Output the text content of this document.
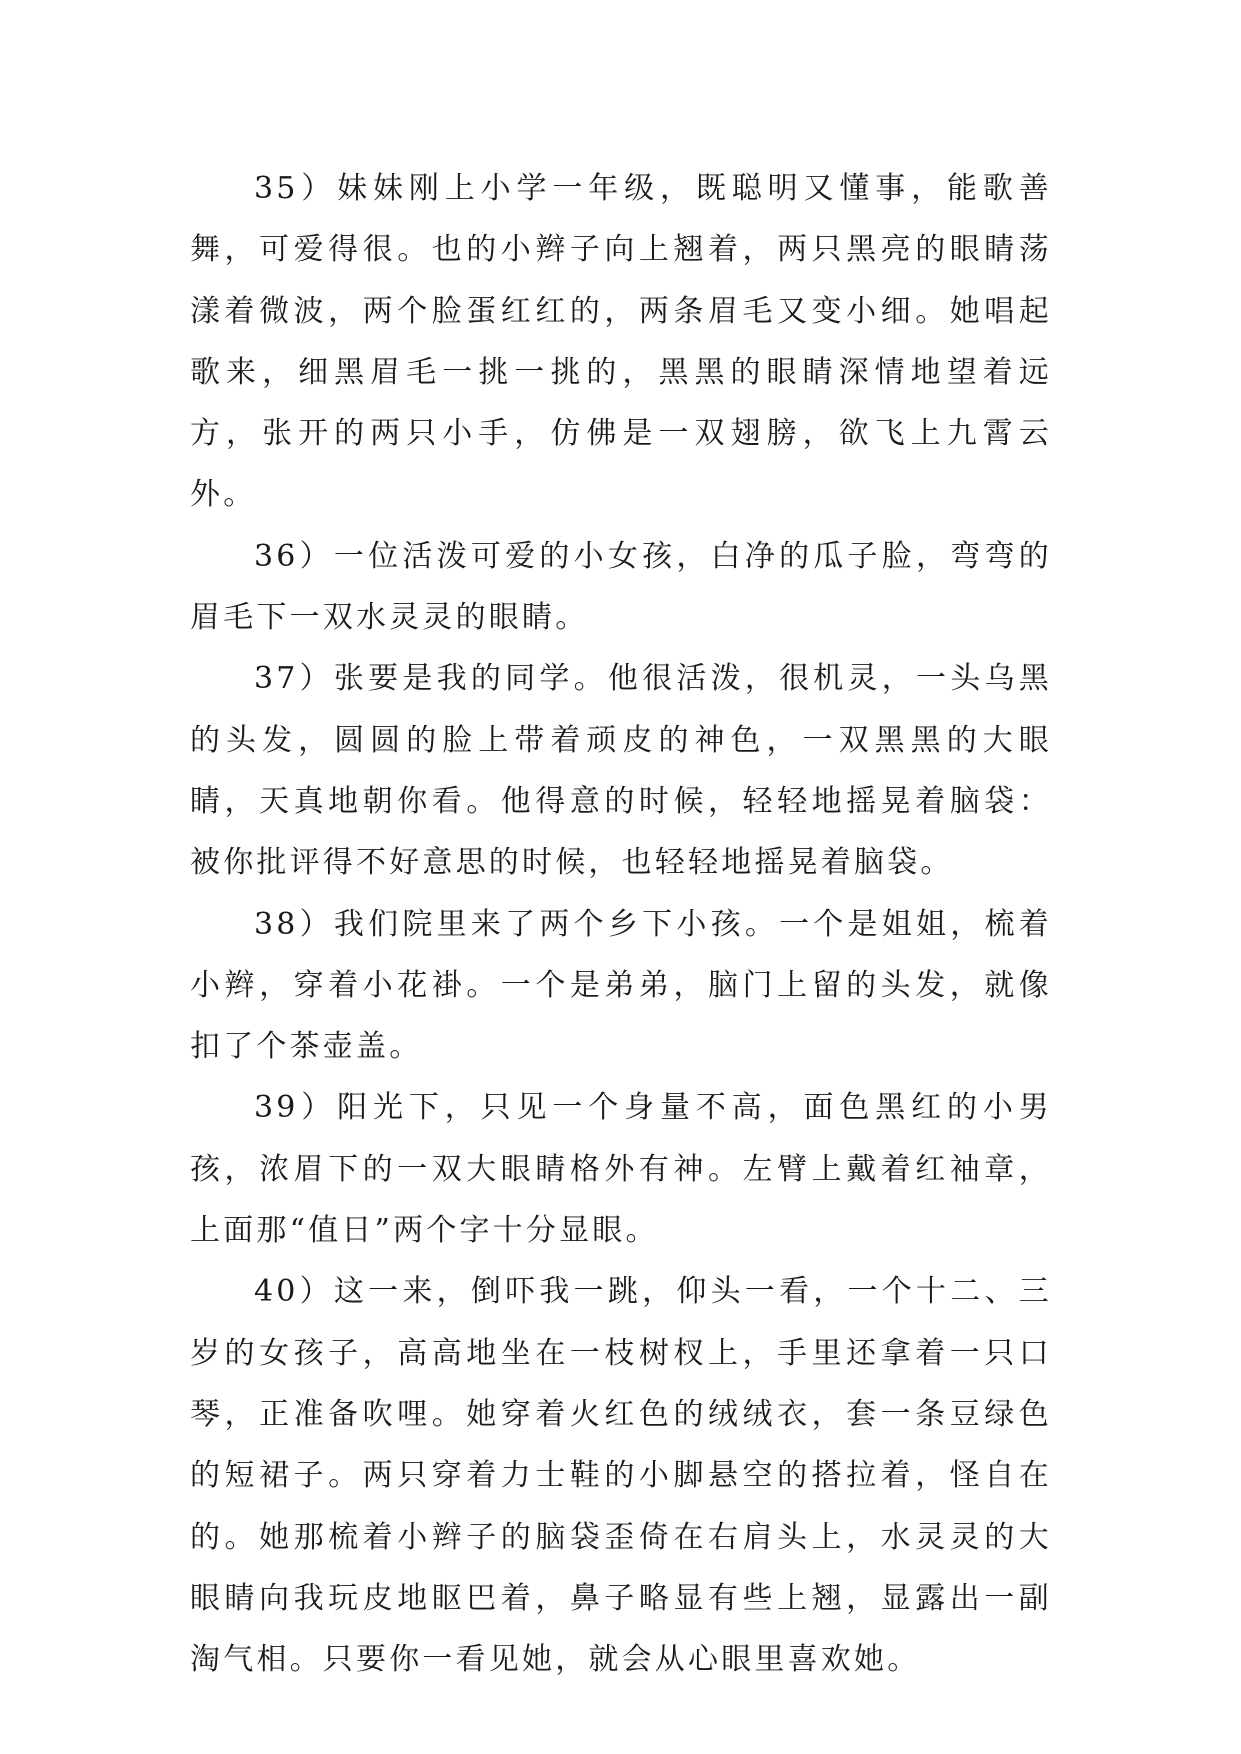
35）妹妹刚上小学一年级，既聪明又懂事，能歌善舞，可爱得很。也的小辫子向上翘着，两只黑亮的眼睛荡漾着微波，两个脸蛋红红的，两条眉毛又变小细。她唱起歌来，细黑眉毛一挑一挑的，黑黑的眼睛深情地望着远方，张开的两只小手，仿佛是一双翅膀，欲飞上九霄云外。

36）一位活泼可爱的小女孩，白净的瓜子脸，弯弯的眉毛下一双水灵灵的眼睛。

37）张要是我的同学。他很活泼，很机灵，一头乌黑的头发，圆圆的脸上带着顽皮的神色，一双黑黑的大眼睛，天真地朝你看。他得意的时候，轻轻地摇晃着脑袋：被你批评得不好意思的时候，也轻轻地摇晃着脑袋。

38）我们院里来了两个乡下小孩。一个是姐姐，梳着小辫，穿着小花褂。一个是弟弟，脑门上留的头发，就像扣了个茶壶盖。

39）阳光下，只见一个身量不高，面色黑红的小男孩，浓眉下的一双大眼睛格外有神。左臂上戴着红袖章，上面那“值日”两个字十分显眼。

40）这一来，倒吓我一跳，仰头一看，一个十二、三岁的女孩子，高高地坐在一枝树杈上，手里还拿着一只口琴，正准备吹哩。她穿着火红色的绒绒衣，套一条豆绿色的短裙子。两只穿着力士鞋的小脚悬空的搭拉着，怪自在的。她那梳着小辫子的脑袋歪倚在右肩头上，水灵灵的大眼睛向我玩皮地眍巴着，鼻子略显有些上翘，显露出一副淘气相。只要你一看见她，就会从心眼里喜欢她。
